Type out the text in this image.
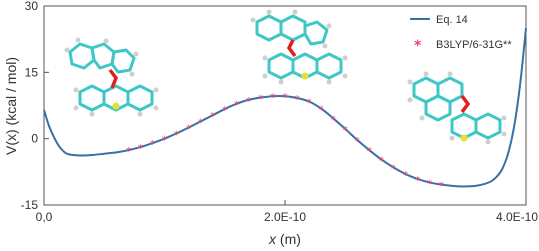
* * * * * * * * * * * * * * * *
*
*
*
*
*
*
*
* * * *
-15
0
15
30
0,0	2.0E-10	4.0E-10
x (m)
V(x) (kcal / mol)
Eq. 14
* B3LYP/6-31G**
